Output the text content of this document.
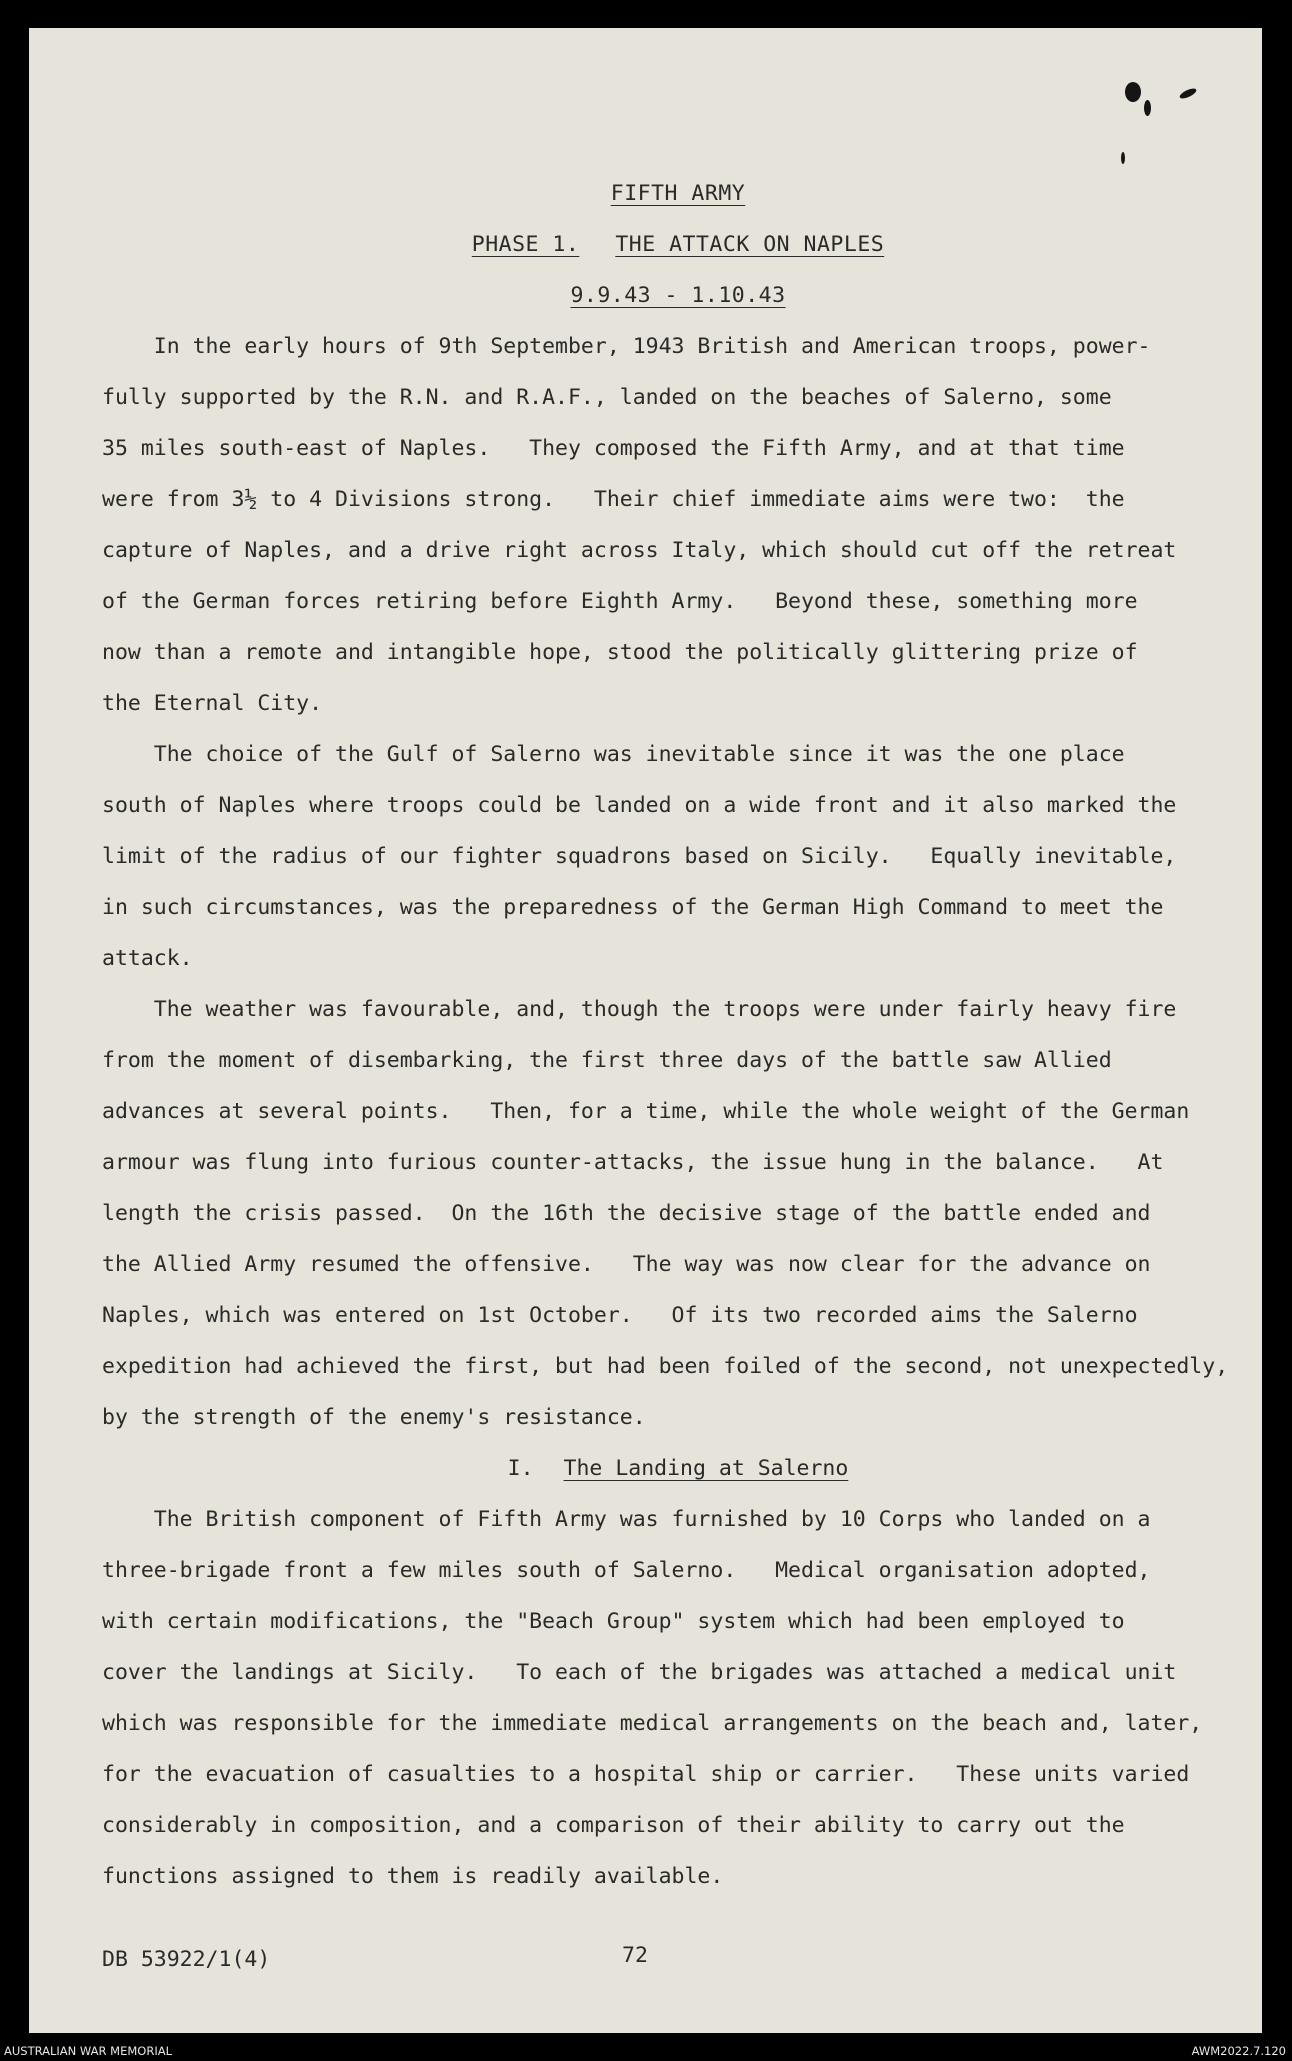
FIFTH ARMY
PHASE 1. THE ATTACK ON NAPLES
9.9.43 - 1.10.43
In the early hours of 9th September, 1943 British and American troops, power-
fully supported by the R.N. and R.A.F., landed on the beaches of Salerno, some
35 miles south-east of Naples.   They composed the Fifth Army, and at that time
were from 3½ to 4 Divisions strong.   Their chief immediate aims were two:  the
capture of Naples, and a drive right across Italy, which should cut off the retreat
of the German forces retiring before Eighth Army.   Beyond these, something more
now than a remote and intangible hope, stood the politically glittering prize of
the Eternal City.
The choice of the Gulf of Salerno was inevitable since it was the one place
south of Naples where troops could be landed on a wide front and it also marked the
limit of the radius of our fighter squadrons based on Sicily.   Equally inevitable,
in such circumstances, was the preparedness of the German High Command to meet the
attack.
The weather was favourable, and, though the troops were under fairly heavy fire
from the moment of disembarking, the first three days of the battle saw Allied
advances at several points.   Then, for a time, while the whole weight of the German
armour was flung into furious counter-attacks, the issue hung in the balance.   At
length the crisis passed.  On the 16th the decisive stage of the battle ended and
the Allied Army resumed the offensive.   The way was now clear for the advance on
Naples, which was entered on 1st October.   Of its two recorded aims the Salerno
expedition had achieved the first, but had been foiled of the second, not unexpectedly,
by the strength of the enemy's resistance.
I. The Landing at Salerno
The British component of Fifth Army was furnished by 10 Corps who landed on a
three-brigade front a few miles south of Salerno.   Medical organisation adopted,
with certain modifications, the "Beach Group" system which had been employed to
cover the landings at Sicily.   To each of the brigades was attached a medical unit
which was responsible for the immediate medical arrangements on the beach and, later,
for the evacuation of casualties to a hospital ship or carrier.   These units varied
considerably in composition, and a comparison of their ability to carry out the
functions assigned to them is readily available.
DB 53922/1(4)	72
AUSTRALIAN WAR MEMORIAL	AWM2022.7.120
